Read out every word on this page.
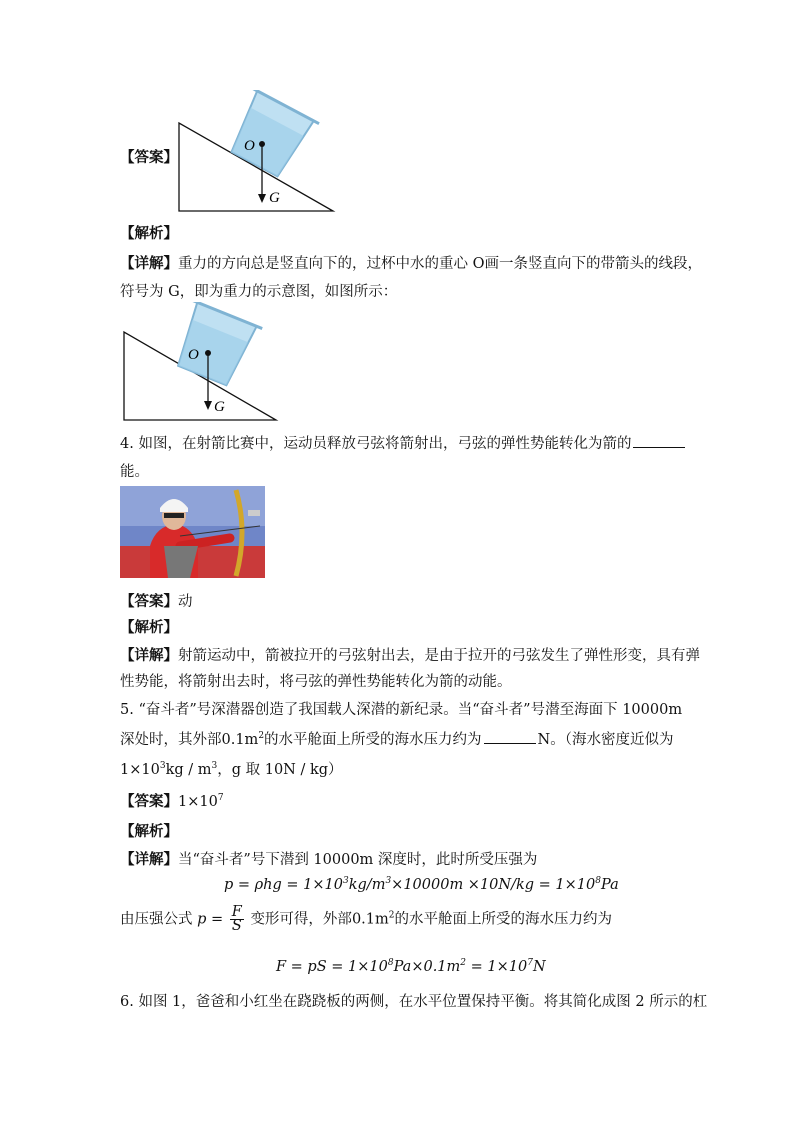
【答案】
O
G
【解析】
【详解】重力的方向总是竖直向下的，过杯中水的重心 O画一条竖直向下的带箭头的线段，
符号为 G，即为重力的示意图，如图所示：
O
G
4. 如图，在射箭比赛中，运动员释放弓弦将箭射出，弓弦的弹性势能转化为箭的
能。
【答案】动
【解析】
【详解】射箭运动中，箭被拉开的弓弦射出去，是由于拉开的弓弦发生了弹性形变，具有弹
性势能，将箭射出去时，将弓弦的弹性势能转化为箭的动能。
5. “奋斗者”号深潜器创造了我国载人深潜的新纪录。当“奋斗者”号潜至海面下 10000m
深处时，其外部$0.1m^2$的水平舱面上所受的海水压力约为	N。（海水密度近似为
$1\times 10^3kg / m^3$，g 取 10N / kg）
【答案】$1\times 10^7$
【解析】
【详解】当“奋斗者”号下潜到 10000m 深度时，此时所受压强为
$p = \rho hg = 1\times 10^3kg/m^3\times 10000m \times 10N/kg = 1\times 10^8Pa$
由压强公式 $p = \frac{F}{S}$ 变形可得，外部$0.1m^2$的水平舱面上所受的海水压力约为
F = pS = $1\times 10^8Pa\times 0.1m^2 = 1\times 10^7N$
6. 如图 1，爸爸和小红坐在跷跷板的两侧，在水平位置保持平衡。将其简化成图 2 所示的杠
